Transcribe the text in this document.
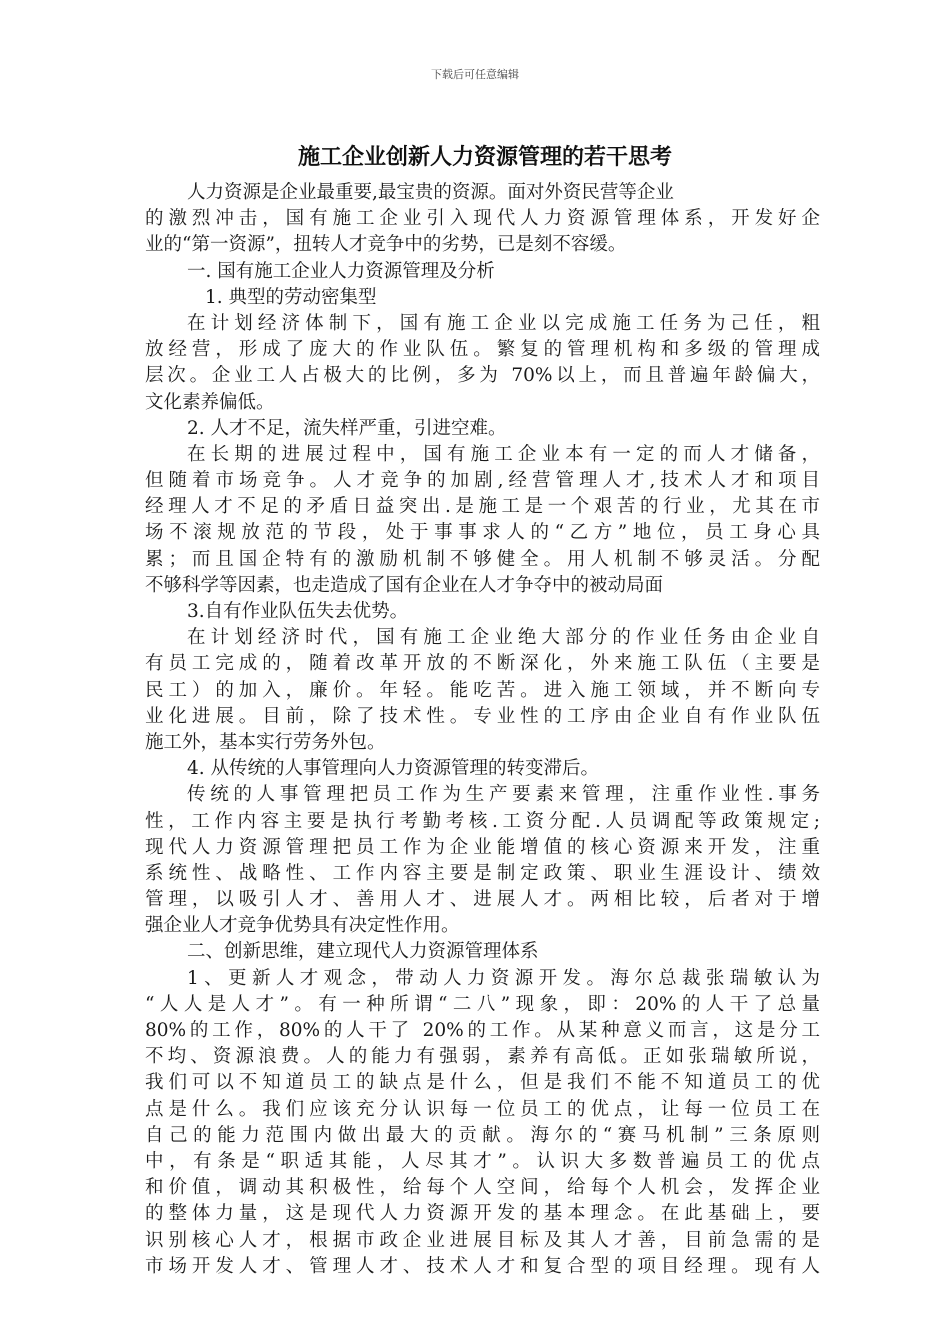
下载后可任意编辑
施工企业创新人力资源管理的若干思考
人力资源是企业最重要,最宝贵的资源。面对外资民营等企业
的激烈冲击，国有施工企业引入现代人力资源管理体系，开发好企
业的“第一资源”，扭转人才竞争中的劣势，已是刻不容缓。
一. 国有施工企业人力资源管理及分析
1. 典型的劳动密集型
在计划经济体制下，国有施工企业以完成施工任务为己任，粗
放经营，形成了庞大的作业队伍。繁复的管理机构和多级的管理成
层次。企业工人占极大的比例，多为 70%以上，而且普遍年龄偏大，
文化素养偏低。
2. 人才不足，流失样严重，引进空难。
在长期的进展过程中，国有施工企业本有一定的而人才储备，
但随着市场竞争。人才竞争的加剧,经营管理人才,技术人才和项目
经理人才不足的矛盾日益突出.是施工是一个艰苦的行业，尤其在市
场不滚规放范的节段，处于事事求人的“乙方”地位，员工身心具
累；而且国企特有的激励机制不够健全。用人机制不够灵活。分配
不够科学等因素，也走造成了国有企业在人才争夺中的被动局面
3.自有作业队伍失去优势。
在计划经济时代，国有施工企业绝大部分的作业任务由企业自
有员工完成的，随着改革开放的不断深化，外来施工队伍（主要是
民工）的加入，廉价。年轻。能吃苦。进入施工领域，并不断向专
业化进展。目前，除了技术性。专业性的工序由企业自有作业队伍
施工外，基本实行劳务外包。
4. 从传统的人事管理向人力资源管理的转变滞后。
传统的人事管理把员工作为生产要素来管理，注重作业性.事务
性，工作内容主要是执行考勤考核.工资分配.人员调配等政策规定;
现代人力资源管理把员工作为企业能增值的核心资源来开发，注重
系统性、战略性、工作内容主要是制定政策、职业生涯设计、绩效
管理，以吸引人才、善用人才、进展人才。两相比较，后者对于增
强企业人才竞争优势具有决定性作用。
二、创新思维，建立现代人力资源管理体系
1、更新人才观念，带动人力资源开发。海尔总裁张瑞敏认为
“人人是人才”。有一种所谓“二八”现象，即：20%的人干了总量
80%的工作，80%的人干了 20%的工作。从某种意义而言，这是分工
不均、资源浪费。人的能力有强弱，素养有高低。正如张瑞敏所说，
我们可以不知道员工的缺点是什么，但是我们不能不知道员工的优
点是什么。我们应该充分认识每一位员工的优点，让每一位员工在
自己的能力范围内做出最大的贡献。海尔的“赛马机制”三条原则
中，有条是“职适其能，人尽其才”。认识大多数普遍员工的优点
和价值，调动其积极性，给每个人空间，给每个人机会，发挥企业
的整体力量，这是现代人力资源开发的基本理念。在此基础上，要
识别核心人才，根据市政企业进展目标及其人才善，目前急需的是
市场开发人才、管理人才、技术人才和复合型的项目经理。现有人
